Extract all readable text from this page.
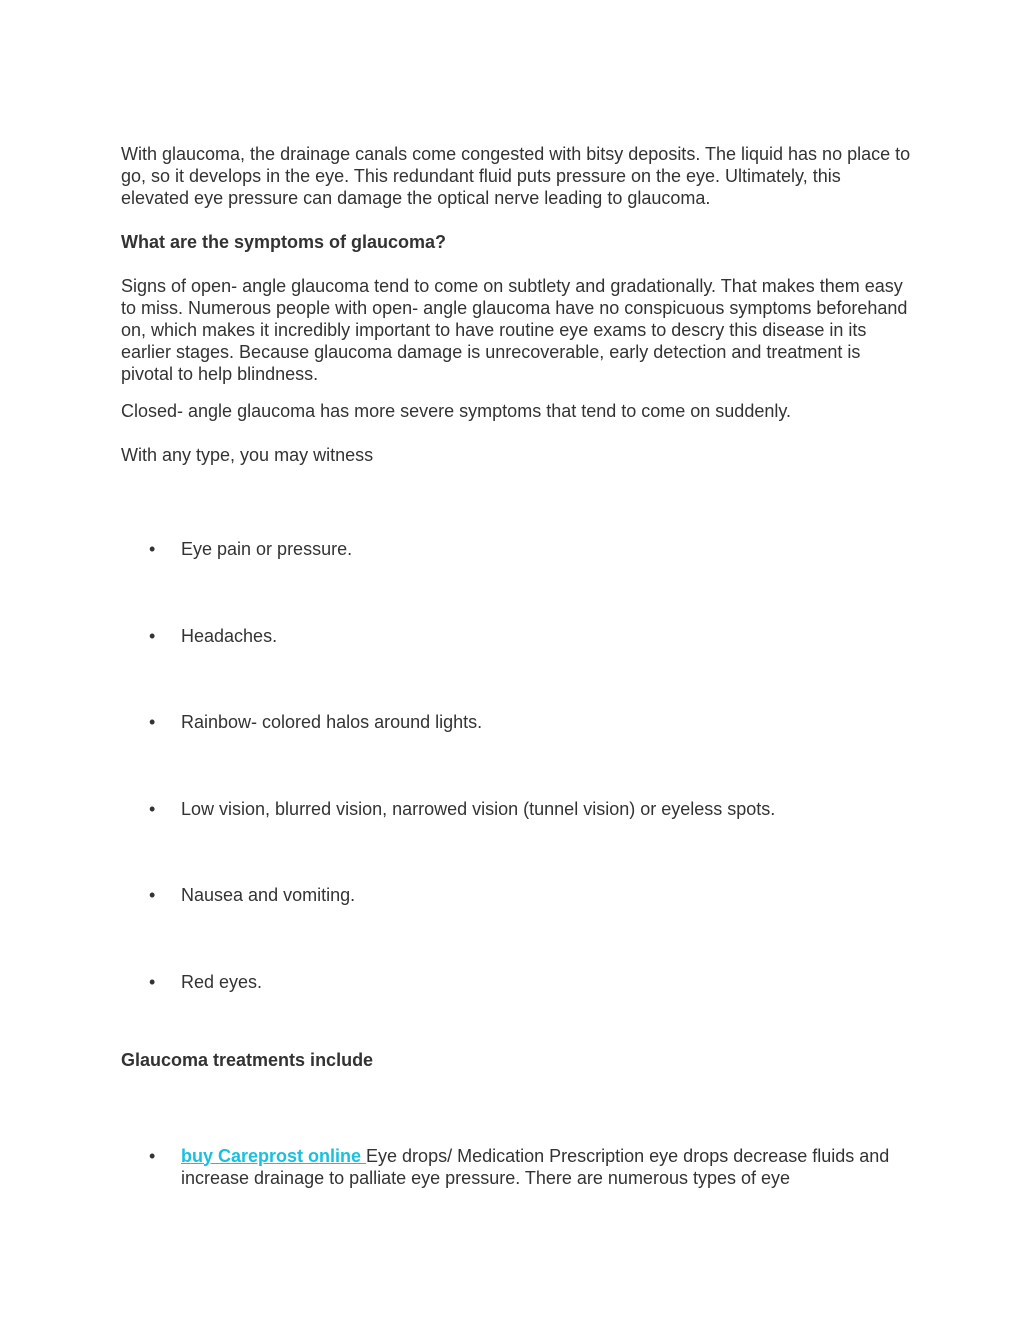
With glaucoma, the drainage canals come congested with bitsy deposits. The liquid has no place to go, so it develops in the eye. This redundant fluid puts pressure on the eye. Ultimately, this elevated eye pressure can damage the optical nerve leading to glaucoma.

What are the symptoms of glaucoma?

Signs of open- angle glaucoma tend to come on subtlety and gradationally. That makes them easy to miss. Numerous people with open- angle glaucoma have no conspicuous symptoms beforehand on, which makes it incredibly important to have routine eye exams to descry this disease in its earlier stages. Because glaucoma damage is unrecoverable, early detection and treatment is pivotal to help blindness.

Closed- angle glaucoma has more severe symptoms that tend to come on suddenly.

With any type, you may witness

• Eye pain or pressure.
• Headaches.
• Rainbow- colored halos around lights.
• Low vision, blurred vision, narrowed vision (tunnel vision) or eyeless spots.
• Nausea and vomiting.
• Red eyes.

Glaucoma treatments include

• buy Careprost online Eye drops/ Medication Prescription eye drops decrease fluids and increase drainage to palliate eye pressure. There are numerous types of eye
